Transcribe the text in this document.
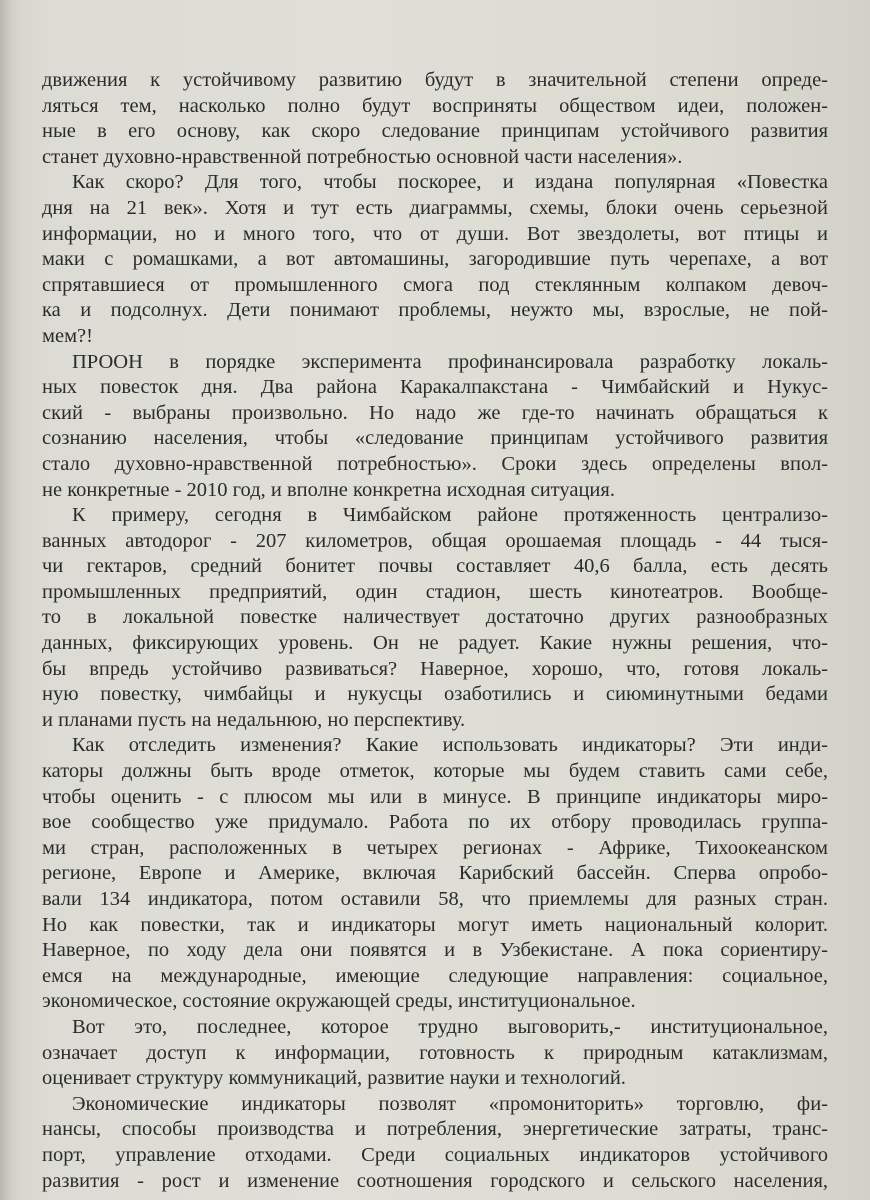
движения к устойчивому развитию будут в значительной степени опреде-
ляться тем, насколько полно будут восприняты обществом идеи, положен-
ные в его основу, как скоро следование принципам устойчивого развития
станет духовно-нравственной потребностью основной части населения».
Как скоро? Для того, чтобы поскорее, и издана популярная «Повестка
дня на 21 век». Хотя и тут есть диаграммы, схемы, блоки очень серьезной
информации, но и много того, что от души. Вот звездолеты, вот птицы и
маки с ромашками, а вот автомашины, загородившие путь черепахе, а вот
спрятавшиеся от промышленного смога под стеклянным колпаком девоч-
ка и подсолнух. Дети понимают проблемы, неужто мы, взрослые, не пой-
мем?!
ПРООН в порядке эксперимента профинансировала разработку локаль-
ных повесток дня. Два района Каракалпакстана - Чимбайский и Нукус-
ский - выбраны произвольно. Но надо же где-то начинать обращаться к
сознанию населения, чтобы «следование принципам устойчивого развития
стало духовно-нравственной потребностью». Сроки здесь определены впол-
не конкретные - 2010 год, и вполне конкретна исходная ситуация.
К примеру, сегодня в Чимбайском районе протяженность централизо-
ванных автодорог - 207 километров, общая орошаемая площадь - 44 тыся-
чи гектаров, средний бонитет почвы составляет 40,6 балла, есть десять
промышленных предприятий, один стадион, шесть кинотеатров. Вообще-
то в локальной повестке наличествует достаточно других разнообразных
данных, фиксирующих уровень. Он не радует. Какие нужны решения, что-
бы впредь устойчиво развиваться? Наверное, хорошо, что, готовя локаль-
ную повестку, чимбайцы и нукусцы озаботились и сиюминутными бедами
и планами пусть на недальнюю, но перспективу.
Как отследить изменения? Какие использовать индикаторы? Эти инди-
каторы должны быть вроде отметок, которые мы будем ставить сами себе,
чтобы оценить - с плюсом мы или в минусе. В принципе индикаторы миро-
вое сообщество уже придумало. Работа по их отбору проводилась группа-
ми стран, расположенных в четырех регионах - Африке, Тихоокеанском
регионе, Европе и Америке, включая Карибский бассейн. Сперва опробо-
вали 134 индикатора, потом оставили 58, что приемлемы для разных стран.
Но как повестки, так и индикаторы могут иметь национальный колорит.
Наверное, по ходу дела они появятся и в Узбекистане. А пока сориентиру-
емся на международные, имеющие следующие направления: социальное,
экономическое, состояние окружающей среды, институциональное.
Вот это, последнее, которое трудно выговорить,- институциональное,
означает доступ к информации, готовность к природным катаклизмам,
оценивает структуру коммуникаций, развитие науки и технологий.
Экономические индикаторы позволят «промониторить» торговлю, фи-
нансы, способы производства и потребления, энергетические затраты, транс-
порт, управление отходами. Среди социальных индикаторов устойчивого
развития - рост и изменение соотношения городского и сельского населения,
